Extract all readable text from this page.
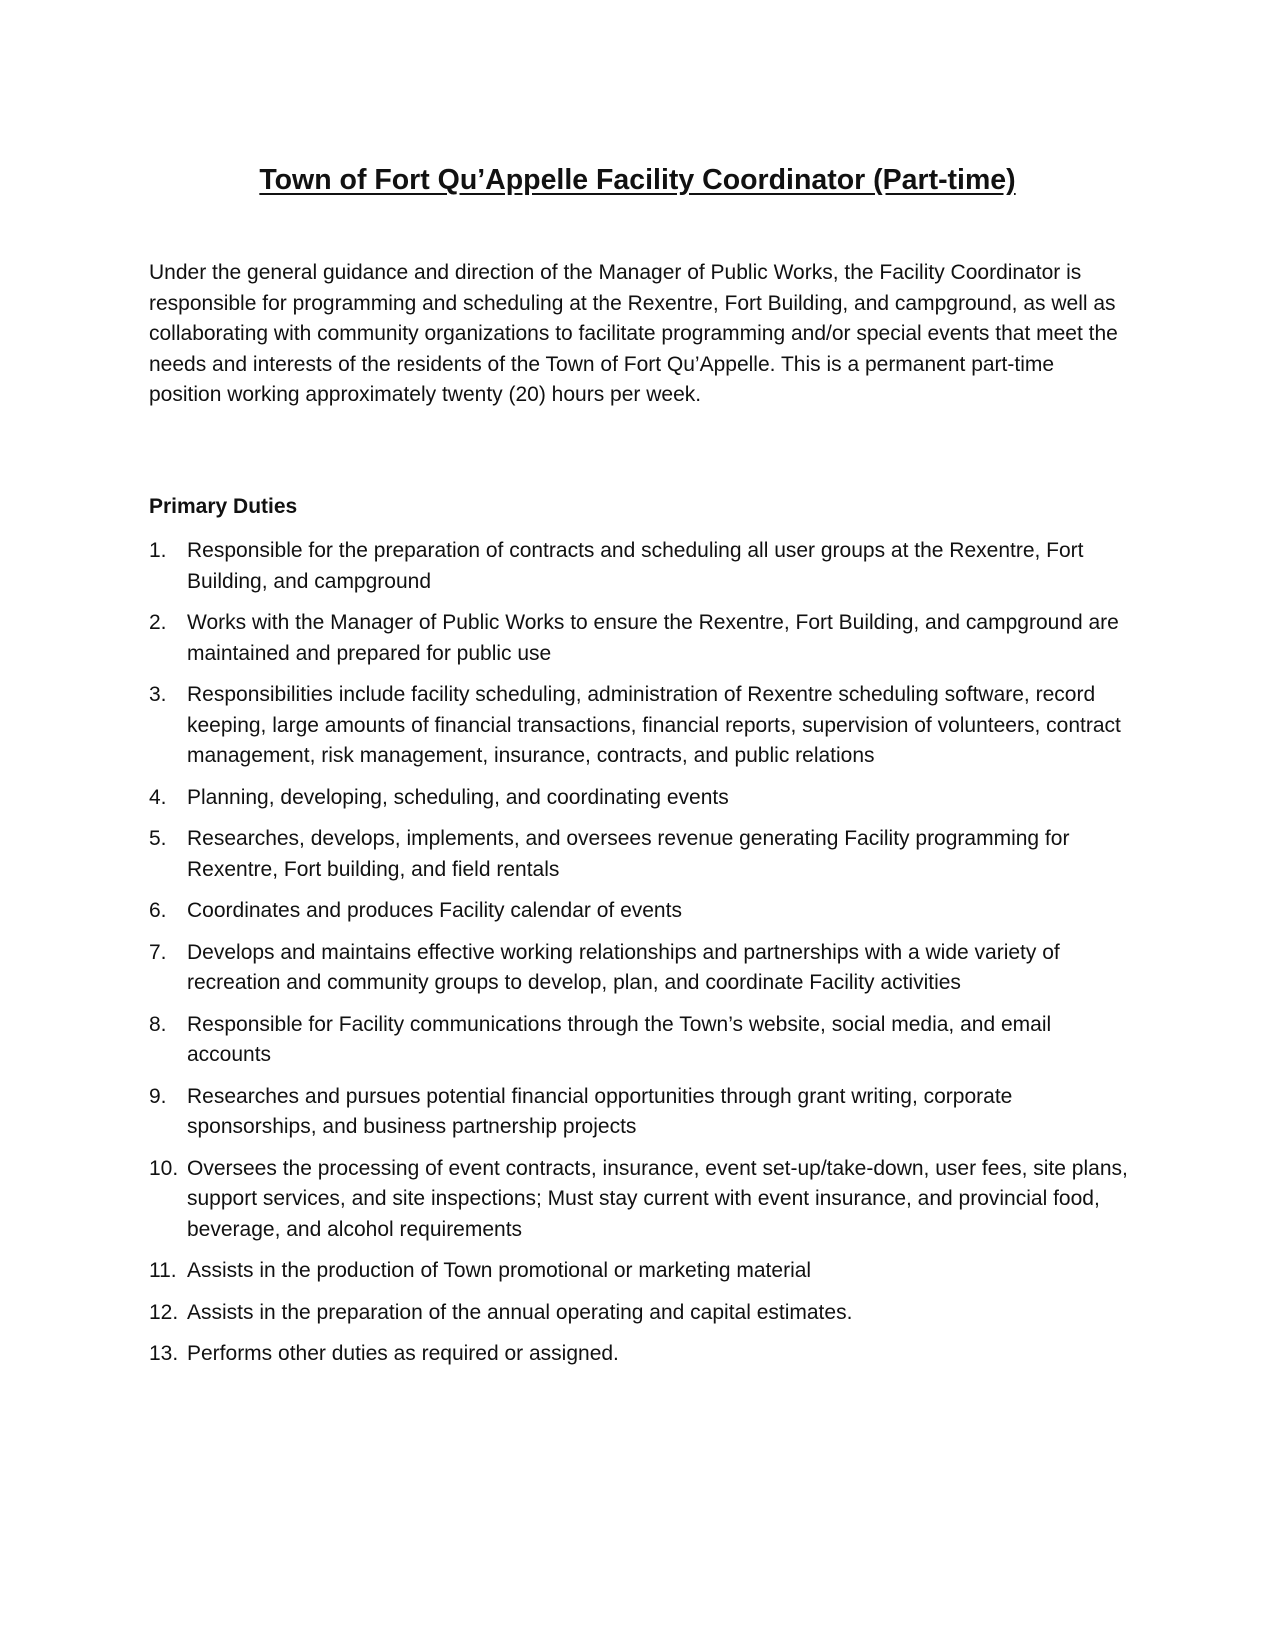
Town of Fort Qu’Appelle Facility Coordinator (Part-time)

Under the general guidance and direction of the Manager of Public Works, the Facility Coordinator is responsible for programming and scheduling at the Rexentre, Fort Building, and campground, as well as collaborating with community organizations to facilitate programming and/or special events that meet the needs and interests of the residents of the Town of Fort Qu’Appelle. This is a permanent part-time position working approximately twenty (20) hours per week.

Primary Duties
1. Responsible for the preparation of contracts and scheduling all user groups at the Rexentre, Fort Building, and campground
2. Works with the Manager of Public Works to ensure the Rexentre, Fort Building, and campground are maintained and prepared for public use
3. Responsibilities include facility scheduling, administration of Rexentre scheduling software, record keeping, large amounts of financial transactions, financial reports, supervision of volunteers, contract management, risk management, insurance, contracts, and public relations
4. Planning, developing, scheduling, and coordinating events
5. Researches, develops, implements, and oversees revenue generating Facility programming for Rexentre, Fort building, and field rentals
6. Coordinates and produces Facility calendar of events
7. Develops and maintains effective working relationships and partnerships with a wide variety of recreation and community groups to develop, plan, and coordinate Facility activities
8. Responsible for Facility communications through the Town’s website, social media, and email accounts
9. Researches and pursues potential financial opportunities through grant writing, corporate sponsorships, and business partnership projects
10. Oversees the processing of event contracts, insurance, event set-up/take-down, user fees, site plans, support services, and site inspections; Must stay current with event insurance, and provincial food, beverage, and alcohol requirements
11. Assists in the production of Town promotional or marketing material
12. Assists in the preparation of the annual operating and capital estimates.
13. Performs other duties as required or assigned.
